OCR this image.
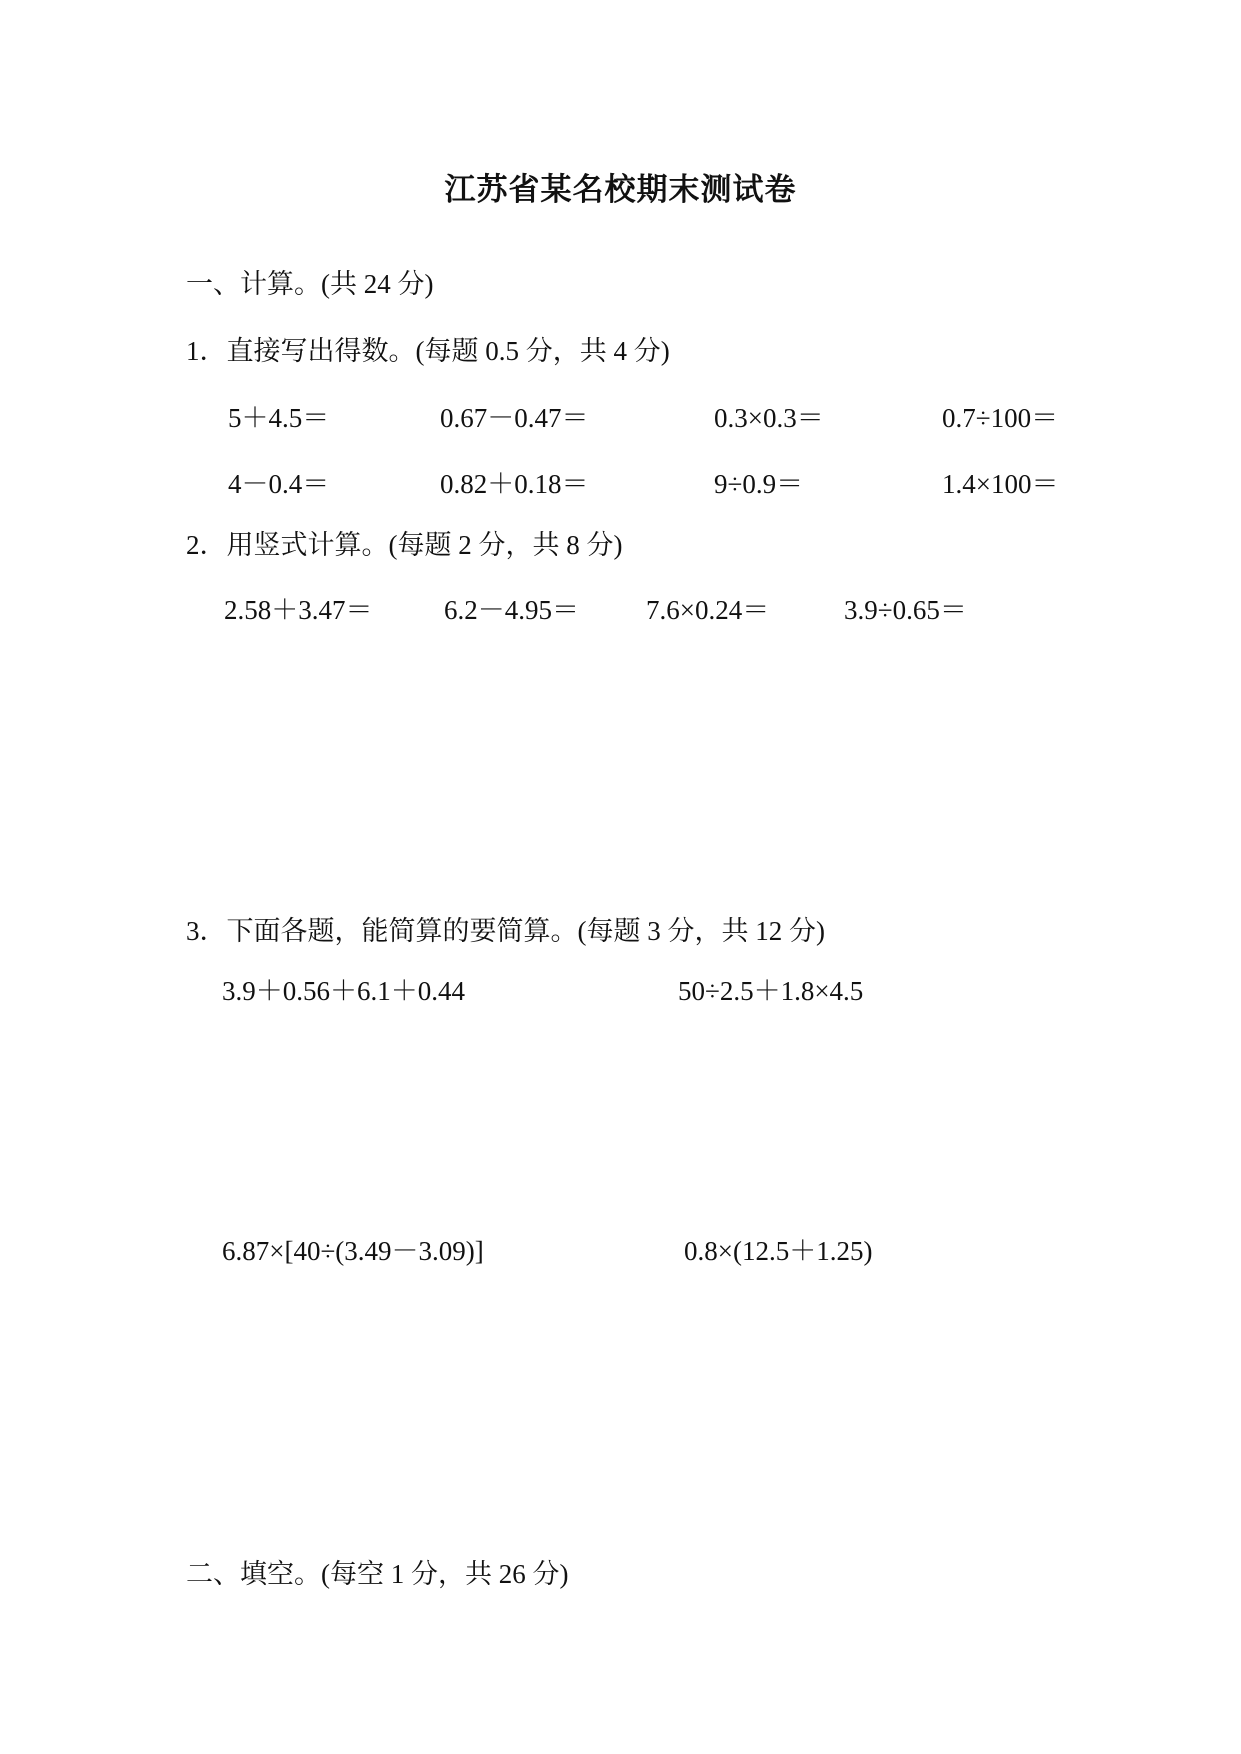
江苏省某名校期末测试卷
一、计算。(共 24 分)
1．直接写出得数。(每题 0.5 分，共 4 分)
5＋4.5＝	0.67－0.47＝	0.3×0.3＝	0.7÷100＝
4－0.4＝	0.82＋0.18＝	9÷0.9＝	1.4×100＝
2．用竖式计算。(每题 2 分，共 8 分)
2.58＋3.47＝	6.2－4.95＝ 7.6×0.24＝	3.9÷0.65＝
3．下面各题，能简算的要简算。(每题 3 分，共 12 分)
3.9＋0.56＋6.1＋0.44	50÷2.5＋1.8×4.5
6.87×[40÷(3.49－3.09)]	0.8×(12.5＋1.25)
二、填空。(每空 1 分，共 26 分)
